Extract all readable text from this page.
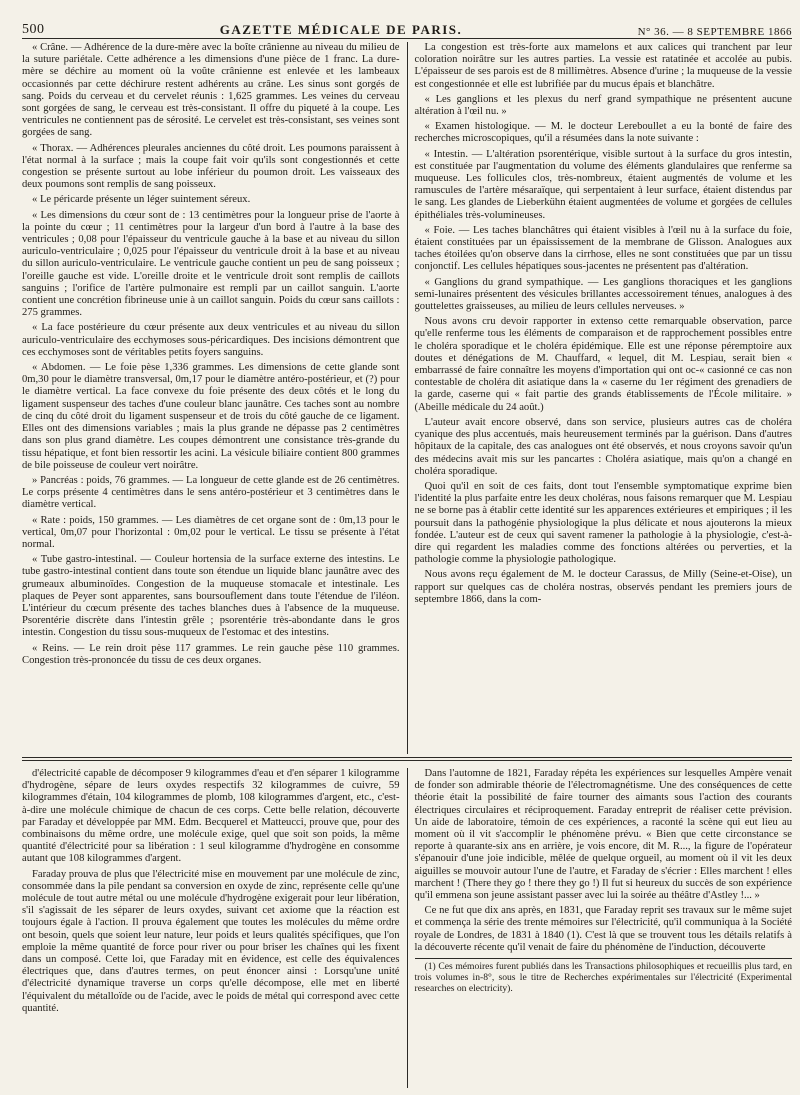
500	GAZETTE MÉDICALE DE PARIS.	N° 36. — 8 SEPTEMBRE 1866

« Crâne. — Adhérence de la dure-mère avec la boîte crânienne au niveau du milieu de la suture pariétale. Cette adhérence a les dimensions d'une pièce de 1 franc. La dure-mère se déchire au moment où la voûte crânienne est enlevée et les lambeaux occasionnés par cette déchirure restent adhérents au crâne. Les sinus sont gorgés de sang. Poids du cerveau et du cervelet réunis : 1,625 grammes. Les veines du cerveau sont gorgées de sang, le cerveau est très-consistant. Il offre du piqueté à la coupe. Les ventricules ne contiennent pas de sérosité. Le cervelet est très-consistant, ses veines sont gorgées de sang.

« Thorax. — Adhérences pleurales anciennes du côté droit. Les poumons paraissent à l'état normal à la surface ; mais la coupe fait voir qu'ils sont congestionnés et cette congestion se présente surtout au lobe inférieur du poumon droit. Les vaisseaux des deux poumons sont remplis de sang poisseux.

« Le péricarde présente un léger suintement séreux.

« Les dimensions du cœur sont de : 13 centimètres pour la longueur prise de l'aorte à la pointe du cœur ; 11 centimètres pour la largeur d'un bord à l'autre à la base des ventricules ; 0,08 pour l'épaisseur du ventricule gauche à la base et au niveau du sillon auriculo-ventriculaire ; 0,025 pour l'épaisseur du ventricule droit à la base et au niveau du sillon auriculo-ventriculaire. Le ventricule gauche contient un peu de sang poisseux ; l'oreille gauche est vide. L'oreille droite et le ventricule droit sont remplis de caillots sanguins ; l'orifice de l'artère pulmonaire est rempli par un caillot sanguin. L'aorte contient une concrétion fibrineuse unie à un caillot sanguin. Poids du cœur sans caillots : 275 grammes.

« La face postérieure du cœur présente aux deux ventricules et au niveau du sillon auriculo-ventriculaire des ecchymoses sous-péricardiques. Des incisions démontrent que ces ecchymoses sont de véritables petits foyers sanguins.

« Abdomen. — Le foie pèse 1,336 grammes. Les dimensions de cette glande sont 0m,30 pour le diamètre transversal, 0m,17 pour le diamètre antéro-postérieur, et (?) pour le diamètre vertical. La face convexe du foie présente des deux côtés et le long du ligament suspenseur des taches d'une couleur blanc jaunâtre. Ces taches sont au nombre de cinq du côté droit du ligament suspenseur et de trois du côté gauche de ce ligament. Elles ont des dimensions variables ; mais la plus grande ne dépasse pas 2 centimètres dans son plus grand diamètre. Les coupes démontrent une consistance très-grande du tissu hépatique, et font bien ressortir les acini. La vésicule biliaire contient 800 grammes de bile poisseuse de couleur vert noirâtre.

» Pancréas : poids, 76 grammes. — La longueur de cette glande est de 26 centimètres. Le corps présente 4 centimètres dans le sens antéro-postérieur et 3 centimètres dans le diamètre vertical.

« Rate : poids, 150 grammes. — Les diamètres de cet organe sont de : 0m,13 pour le vertical, 0m,07 pour l'horizontal : 0m,02 pour le vertical. Le tissu se présente à l'état normal.

« Tube gastro-intestinal. — Couleur hortensia de la surface externe des intestins. Le tube gastro-intestinal contient dans toute son étendue un liquide blanc jaunâtre avec des grumeaux albuminoïdes. Congestion de la muqueuse stomacale et intestinale. Les plaques de Peyer sont apparentes, sans boursouflement dans toute l'étendue de l'iléon. L'intérieur du cœcum présente des taches blanches dues à l'absence de la muqueuse. Psorentérie discrète dans l'intestin grêle ; psorentérie très-abondante dans le gros intestin. Congestion du tissu sous-muqueux de l'estomac et des intestins.

« Reins. — Le rein droit pèse 117 grammes. Le rein gauche pèse 110 grammes. Congestion très-prononcée du tissu de ces deux organes.

La congestion est très-forte aux mamelons et aux calices qui tranchent par leur coloration noirâtre sur les autres parties. La vessie est ratatinée et accolée au pubis. L'épaisseur de ses parois est de 8 millimètres. Absence d'urine ; la muqueuse de la vessie est congestionnée et elle est lubrifiée par du mucus épais et blanchâtre.

« Les ganglions et les plexus du nerf grand sympathique ne présentent aucune altération à l'œil nu. »

« Examen histologique. — M. le docteur Lereboullet a eu la bonté de faire des recherches microscopiques, qu'il a résumées dans la note suivante :

« Intestin. — L'altération psorentérique, visible surtout à la surface du gros intestin, est constituée par l'augmentation du volume des éléments glandulaires que renferme sa muqueuse. Les follicules clos, très-nombreux, étaient augmentés de volume et les ramuscules de l'artère mésaraïque, qui serpentaient à leur surface, étaient distendus par le sang. Les glandes de Lieberkühn étaient augmentées de volume et gorgées de cellules épithéliales très-volumineuses.

« Foie. — Les taches blanchâtres qui étaient visibles à l'œil nu à la surface du foie, étaient constituées par un épaississement de la membrane de Glisson. Analogues aux taches étoilées qu'on observe dans la cirrhose, elles ne sont constituées que par un tissu conjonctif. Les cellules hépatiques sous-jacentes ne présentent pas d'altération.

« Ganglions du grand sympathique. — Les ganglions thoraciques et les ganglions semi-lunaires présentent des vésicules brillantes accessoirement ténues, analogues à des gouttelettes graisseuses, au milieu de leurs cellules nerveuses. »

Nous avons cru devoir rapporter in extenso cette remarquable observation, parce qu'elle renferme tous les éléments de comparaison et de rapprochement possibles entre le choléra sporadique et le choléra épidémique. Elle est une réponse péremptoire aux doutes et dénégations de M. Chauffard, « lequel, dit M. Lespiau, serait bien « embarrassé de faire connaître les moyens d'importation qui ont oc-« casionné ce cas non contestable de choléra dit asiatique dans la « caserne du 1er régiment des grenadiers de la garde, caserne qui « fait partie des grands établissements de l'École militaire. » (Abeille médicale du 24 août.)

L'auteur avait encore observé, dans son service, plusieurs autres cas de choléra cyanique des plus accentués, mais heureusement terminés par la guérison. Dans d'autres hôpitaux de la capitale, des cas analogues ont été observés, et nous croyons savoir qu'un des médecins avait mis sur les pancartes : Choléra asiatique, mais qu'on a changé en choléra sporadique.

Quoi qu'il en soit de ces faits, dont tout l'ensemble symptomatique exprime bien l'identité la plus parfaite entre les deux choléras, nous faisons remarquer que M. Lespiau ne se borne pas à établir cette identité sur les apparences extérieures et empiriques ; il les poursuit dans la pathogénie physiologique la plus délicate et nous ajouterons la mieux fondée. L'auteur est de ceux qui savent ramener la pathologie à la physiologie, c'est-à-dire qui regardent les maladies comme des fonctions altérées ou perverties, et la pathologie comme la physiologie pathologique.

Nous avons reçu également de M. le docteur Carassus, de Milly (Seine-et-Oise), un rapport sur quelques cas de choléra nostras, observés pendant les premiers jours de septembre 1866, dans la com-

d'électricité capable de décomposer 9 kilogrammes d'eau et d'en séparer 1 kilogramme d'hydrogène, sépare de leurs oxydes respectifs 32 kilogrammes de cuivre, 59 kilogrammes d'étain, 104 kilogrammes de plomb, 108 kilogrammes d'argent, etc., c'est-à-dire une molécule chimique de chacun de ces corps. Cette belle relation, découverte par Faraday et développée par MM. Edm. Becquerel et Matteucci, prouve que, pour des combinaisons du même ordre, une molécule exige, quel que soit son poids, la même quantité d'électricité pour sa libération : 1 seul kilogramme d'hydrogène en consomme autant que 108 kilogrammes d'argent.

Faraday prouva de plus que l'électricité mise en mouvement par une molécule de zinc, consommée dans la pile pendant sa conversion en oxyde de zinc, représente celle qu'une molécule de tout autre métal ou une molécule d'hydrogène exigerait pour leur libération, s'il s'agissait de les séparer de leurs oxydes, suivant cet axiome que la réaction est toujours égale à l'action. Il prouva également que toutes les molécules du même ordre ont besoin, quels que soient leur nature, leur poids et leurs qualités spécifiques, que l'on emploie la même quantité de force pour river ou pour briser les chaînes qui les fixent dans un composé. Cette loi, que Faraday mit en évidence, est celle des équivalences électriques que, dans d'autres termes, on peut énoncer ainsi : Lorsqu'une unité d'électricité dynamique traverse un corps qu'elle décompose, elle met en liberté l'équivalent du métalloïde ou de l'acide, avec le poids de métal qui correspond avec cette quantité.

Dans l'automne de 1821, Faraday répéta les expériences sur lesquelles Ampère venait de fonder son admirable théorie de l'électromagnétisme. Une des conséquences de cette théorie était la possibilité de faire tourner des aimants sous l'action des courants électriques circulaires et réciproquement. Faraday entreprit de réaliser cette prévision. Un aide de laboratoire, témoin de ces expériences, a raconté la scène qui eut lieu au moment où il vit s'accomplir le phénomène prévu. « Bien que cette circonstance se reporte à quarante-six ans en arrière, je vois encore, dit M. R..., la figure de l'opérateur s'épanouir d'une joie indicible, mêlée de quelque orgueil, au moment où il vit les deux aiguilles se mouvoir autour l'une de l'autre, et Faraday de s'écrier : Elles marchent ! elles marchent ! (There they go ! there they go !) Il fut si heureux du succès de son expérience qu'il emmena son jeune assistant passer avec lui la soirée au théâtre d'Astley !... »

Ce ne fut que dix ans après, en 1831, que Faraday reprit ses travaux sur le même sujet et commença la série des trente mémoires sur l'électricité, qu'il communiqua à la Société royale de Londres, de 1831 à 1840 (1). C'est là que se trouvent tous les détails relatifs à la découverte récente qu'il venait de faire du phénomène de l'induction, découverte

(1) Ces mémoires furent publiés dans les Transactions philosophiques et recueillis plus tard, en trois volumes in-8°, sous le titre de Recherches expérimentales sur l'électricité (Experimental researches on electricity).
